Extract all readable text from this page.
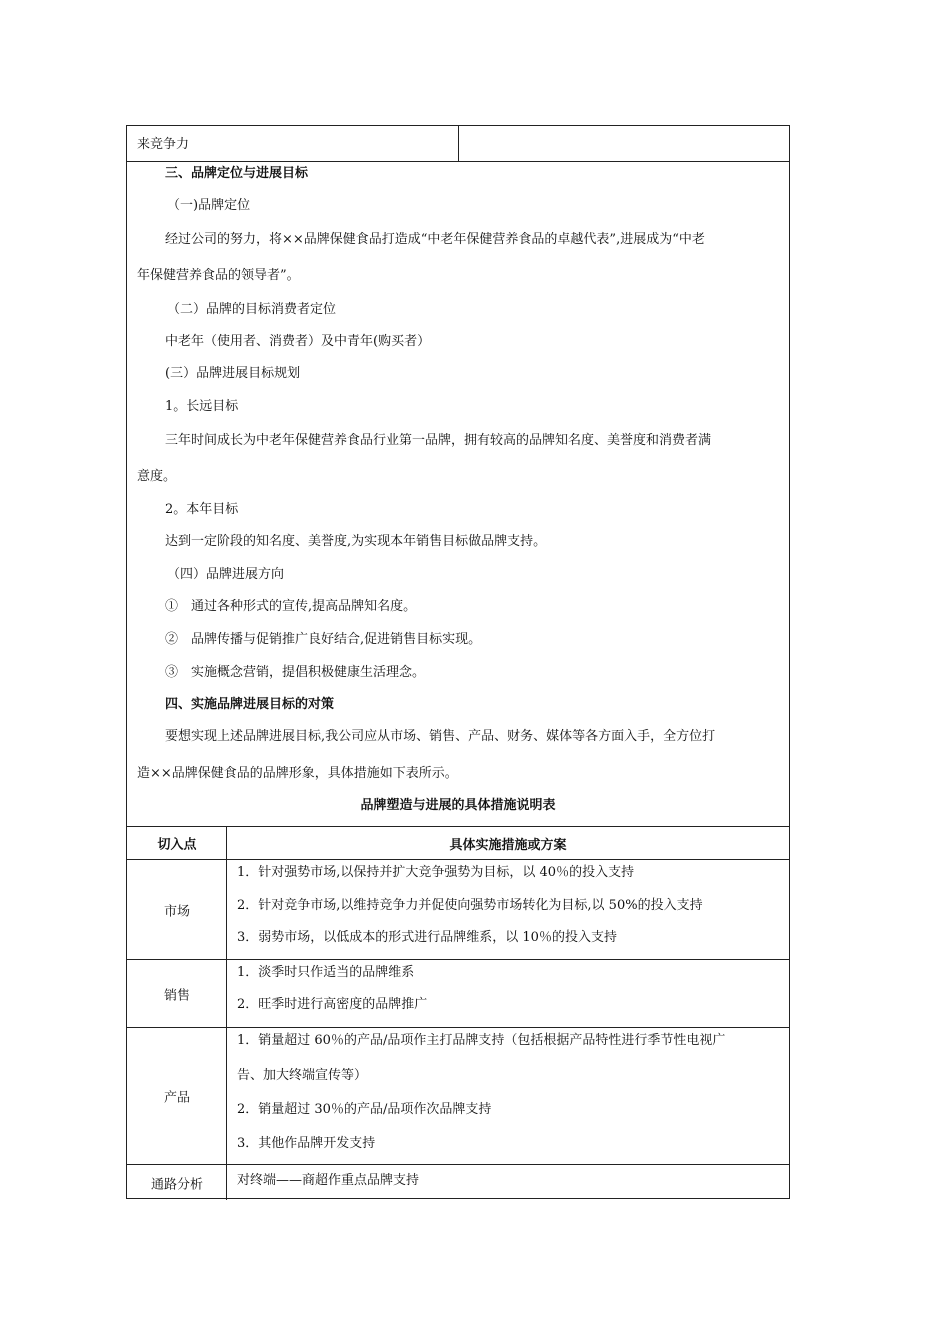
来竞争力
三、品牌定位与进展目标
（一)品牌定位
经过公司的努力，将××品牌保健食品打造成“中老年保健营养食品的卓越代表”,进展成为“中老
年保健营养食品的领导者”。
（二）品牌的目标消费者定位
中老年（使用者、消费者）及中青年(购买者）
(三）品牌进展目标规划
1。长远目标
三年时间成长为中老年保健营养食品行业第一品牌，拥有较高的品牌知名度、美誉度和消费者满
意度。
2。本年目标
达到一定阶段的知名度、美誉度,为实现本年销售目标做品牌支持。
（四）品牌进展方向
①　通过各种形式的宣传,提高品牌知名度。
②　品牌传播与促销推广良好结合,促进销售目标实现。
③　实施概念营销，提倡积极健康生活理念。
四、实施品牌进展目标的对策
要想实现上述品牌进展目标,我公司应从市场、销售、产品、财务、媒体等各方面入手，全方位打
造××品牌保健食品的品牌形象，具体措施如下表所示。
品牌塑造与进展的具体措施说明表
切入点	具体实施措施或方案
市场
1．针对强势市场,以保持并扩大竞争强势为目标，以 40％的投入支持
2．针对竞争市场,以维持竞争力并促使向强势市场转化为目标,以 50%的投入支持
3．弱势市场，以低成本的形式进行品牌维系，以 10％的投入支持
销售
1．淡季时只作适当的品牌维系
2．旺季时进行高密度的品牌推广
产品
1．销量超过 60％的产品/品项作主打品牌支持（包括根据产品特性进行季节性电视广
告、加大终端宣传等）
2．销量超过 30％的产品/品项作次品牌支持
3．其他作品牌开发支持
通路分析	对终端——商超作重点品牌支持
